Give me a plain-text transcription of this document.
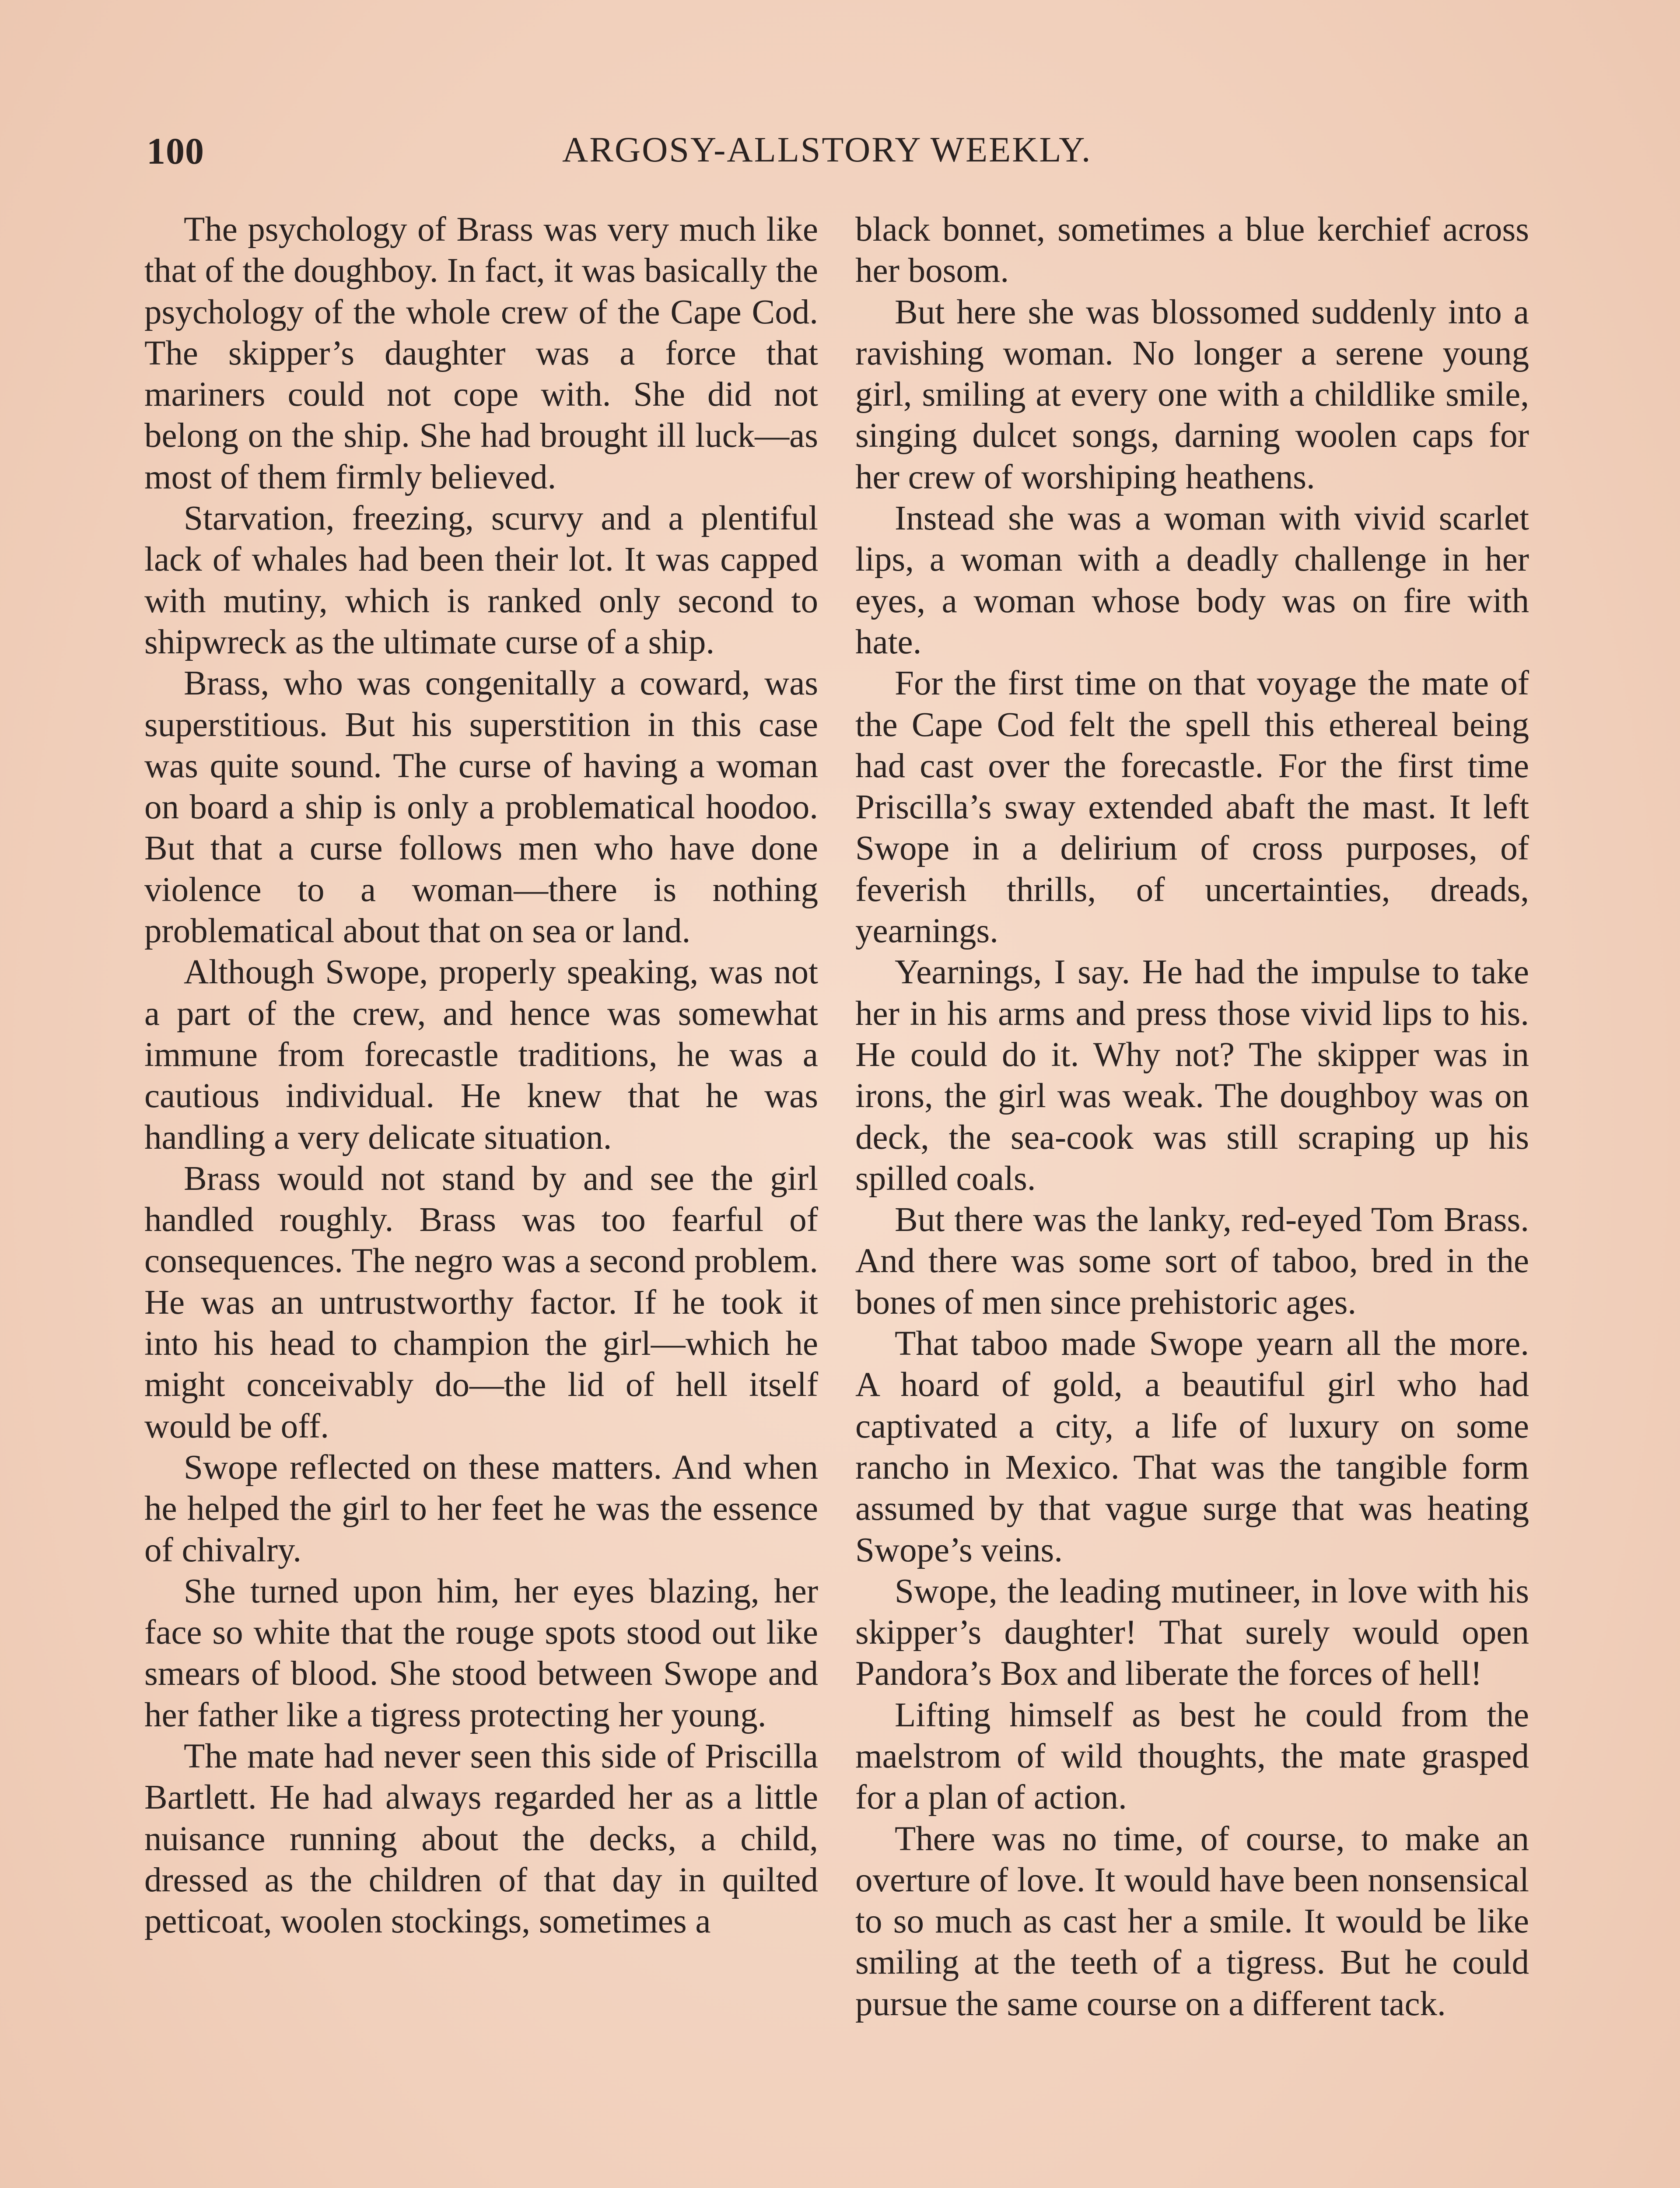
100	ARGOSY-ALLSTORY WEEKLY.

The psychology of Brass was very much like that of the doughboy. In fact, it was basically the psychology of the whole crew of the Cape Cod. The skipper’s daughter was a force that mariners could not cope with. She did not belong on the ship. She had brought ill luck—as most of them firmly believed.

Starvation, freezing, scurvy and a plentiful lack of whales had been their lot. It was capped with mutiny, which is ranked only second to shipwreck as the ultimate curse of a ship.

Brass, who was congenitally a coward, was superstitious. But his superstition in this case was quite sound. The curse of having a woman on board a ship is only a problematical hoodoo. But that a curse follows men who have done violence to a woman—there is nothing problematical about that on sea or land.

Although Swope, properly speaking, was not a part of the crew, and hence was somewhat immune from forecastle traditions, he was a cautious individual. He knew that he was handling a very delicate situation.

Brass would not stand by and see the girl handled roughly. Brass was too fearful of consequences. The negro was a second problem. He was an untrustworthy factor. If he took it into his head to champion the girl—which he might conceivably do—the lid of hell itself would be off.

Swope reflected on these matters. And when he helped the girl to her feet he was the essence of chivalry.

She turned upon him, her eyes blazing, her face so white that the rouge spots stood out like smears of blood. She stood between Swope and her father like a tigress protecting her young.

The mate had never seen this side of Priscilla Bartlett. He had always regarded her as a little nuisance running about the decks, a child, dressed as the children of that day in quilted petticoat, woolen stockings, sometimes a

black bonnet, sometimes a blue kerchief across her bosom.

But here she was blossomed suddenly into a ravishing woman. No longer a serene young girl, smiling at every one with a childlike smile, singing dulcet songs, darning woolen caps for her crew of worshiping heathens.

Instead she was a woman with vivid scarlet lips, a woman with a deadly challenge in her eyes, a woman whose body was on fire with hate.

For the first time on that voyage the mate of the Cape Cod felt the spell this ethereal being had cast over the forecastle. For the first time Priscilla’s sway extended abaft the mast. It left Swope in a delirium of cross purposes, of feverish thrills, of uncertainties, dreads, yearnings.

Yearnings, I say. He had the impulse to take her in his arms and press those vivid lips to his. He could do it. Why not? The skipper was in irons, the girl was weak. The doughboy was on deck, the sea-cook was still scraping up his spilled coals.

But there was the lanky, red-eyed Tom Brass. And there was some sort of taboo, bred in the bones of men since prehistoric ages.

That taboo made Swope yearn all the more. A hoard of gold, a beautiful girl who had captivated a city, a life of luxury on some rancho in Mexico. That was the tangible form assumed by that vague surge that was heating Swope’s veins.

Swope, the leading mutineer, in love with his skipper’s daughter! That surely would open Pandora’s Box and liberate the forces of hell!

Lifting himself as best he could from the maelstrom of wild thoughts, the mate grasped for a plan of action.

There was no time, of course, to make an overture of love. It would have been nonsensical to so much as cast her a smile. It would be like smiling at the teeth of a tigress. But he could pursue the same course on a different tack.
